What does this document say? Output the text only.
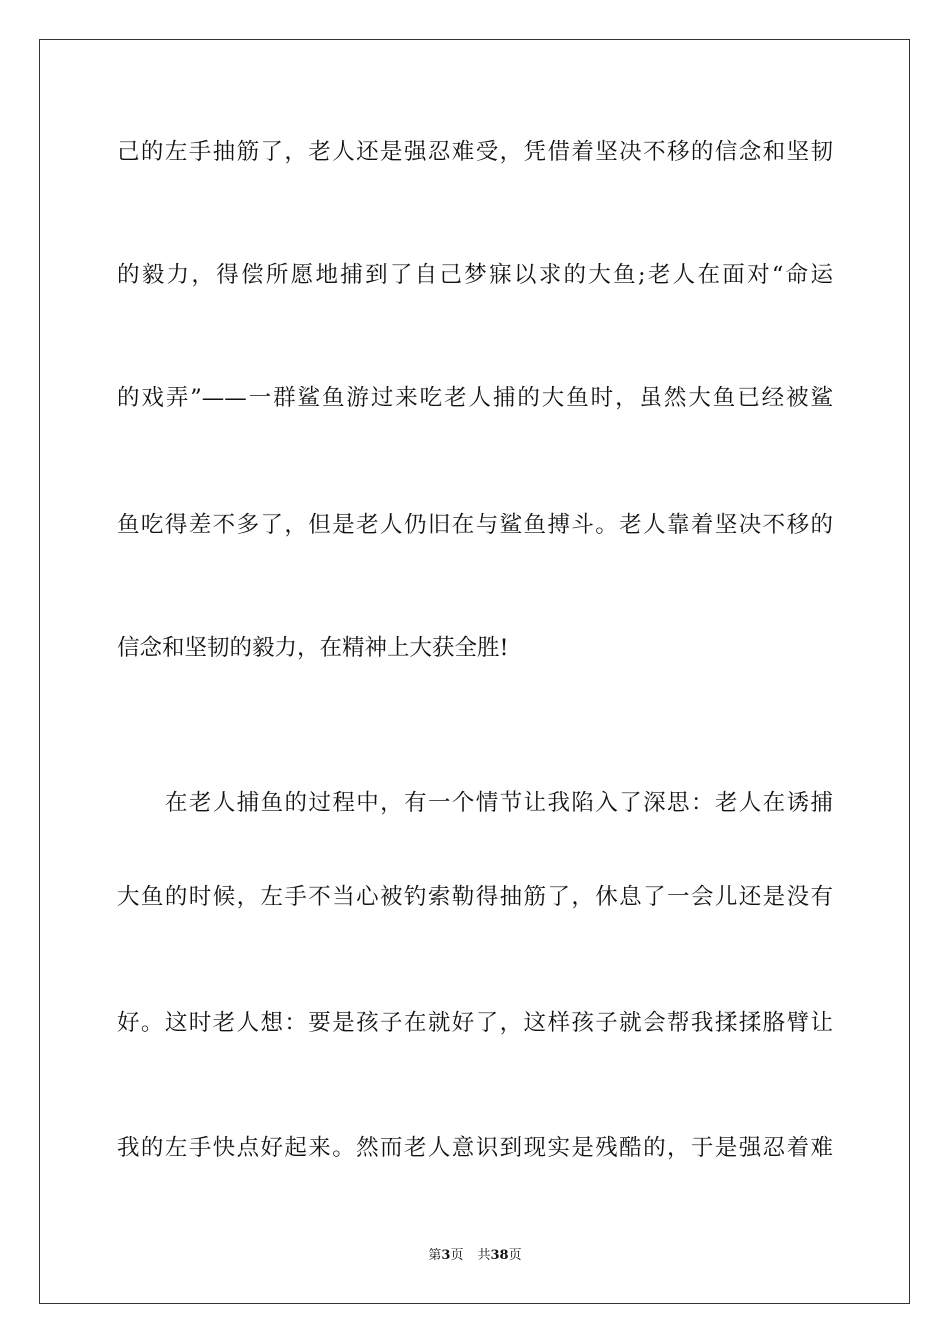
己的左手抽筋了，老人还是强忍难受，凭借着坚决不移的信念和坚韧
的毅力，得偿所愿地捕到了自己梦寐以求的大鱼;老人在面对“命运
的戏弄”——一群鲨鱼游过来吃老人捕的大鱼时，虽然大鱼已经被鲨
鱼吃得差不多了，但是老人仍旧在与鲨鱼搏斗。老人靠着坚决不移的
信念和坚韧的毅力，在精神上大获全胜!
在老人捕鱼的过程中，有一个情节让我陷入了深思：老人在诱捕
大鱼的时候，左手不当心被钓索勒得抽筋了，休息了一会儿还是没有
好。这时老人想：要是孩子在就好了，这样孩子就会帮我揉揉胳臂让
我的左手快点好起来。然而老人意识到现实是残酷的，于是强忍着难
第3页 共38页
